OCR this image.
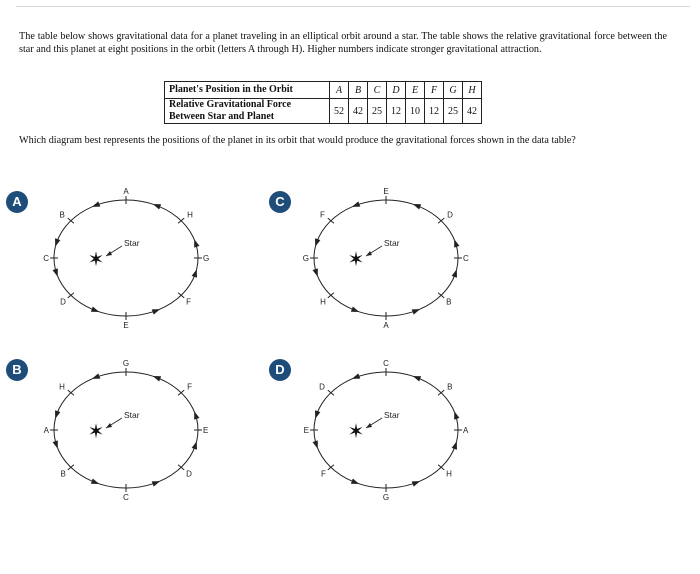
The table below shows gravitational data for a planet traveling in an elliptical orbit around a star. The table shows the relative gravitational force between the star and this planet at eight positions in the orbit (letters A through H). Higher numbers indicate stronger gravitational attraction.

Planet's Position in the Orbit	A	B	C	D	E	F	G	H
Relative Gravitational Force Between Star and Planet	52	42	25	12	10	12	25	42

Which diagram best represents the positions of the planet in its orbit that would produce the gravitational forces shown in the data table?

A
B
C
D
A
H
G
F
E
D
C
B
✶
Star
G
F
E
D
C
B
A
H
✶
Star
E
D
C
B
A
H
G
F
✶
Star
C
B
A
H
G
F
E
D
✶
Star
